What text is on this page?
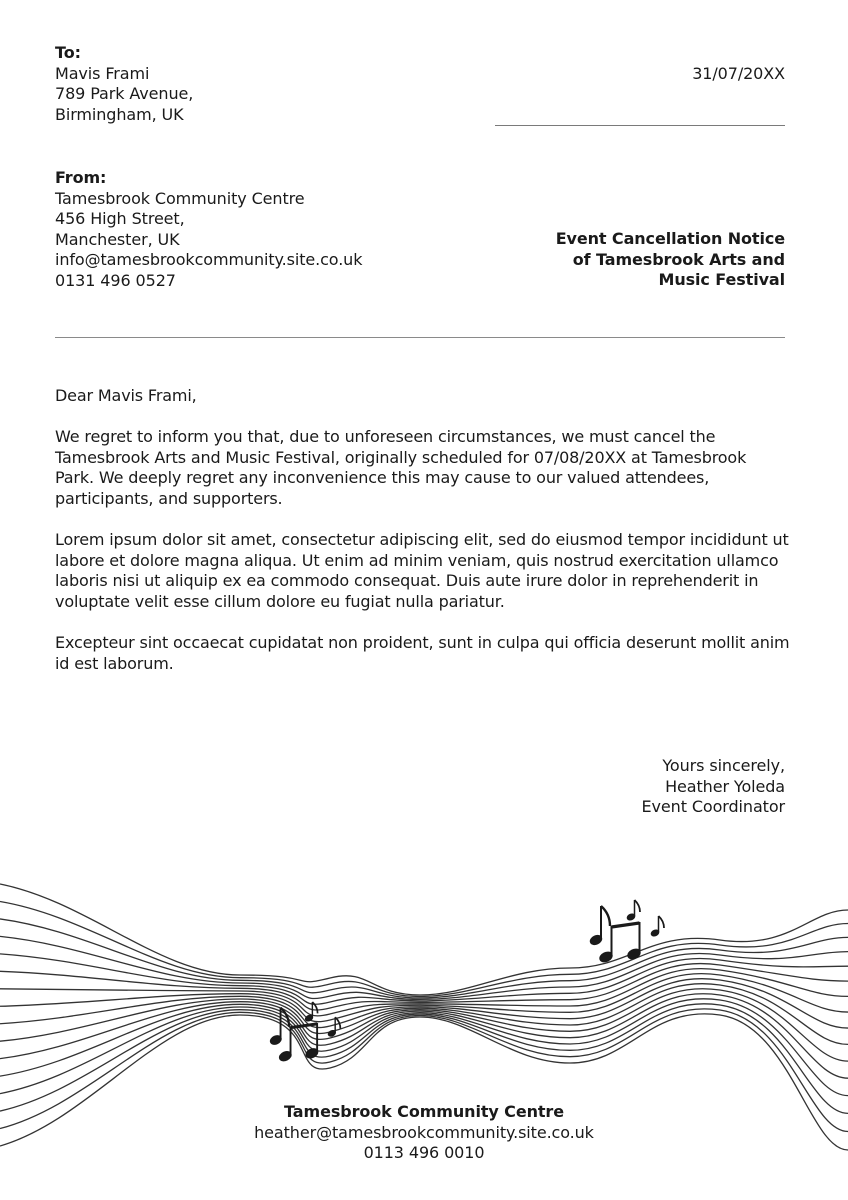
To:
Mavis Frami
789 Park Avenue,
Birmingham, UK
31/07/20XX
From:
Tamesbrook Community Centre
456 High Street,
Manchester, UK
info@tamesbrookcommunity.site.co.uk
0131 496 0527
Event Cancellation Notice
of Tamesbrook Arts and
Music Festival

Dear Mavis Frami,

We regret to inform you that, due to unforeseen circumstances, we must cancel the Tamesbrook Arts and Music Festival, originally scheduled for 07/08/20XX at Tamesbrook Park. We deeply regret any inconvenience this may cause to our valued attendees, participants, and supporters.

Lorem ipsum dolor sit amet, consectetur adipiscing elit, sed do eiusmod tempor incididunt ut labore et dolore magna aliqua. Ut enim ad minim veniam, quis nostrud exercitation ullamco laboris nisi ut aliquip ex ea commodo consequat. Duis aute irure dolor in reprehenderit in voluptate velit esse cillum dolore eu fugiat nulla pariatur.

Excepteur sint occaecat cupidatat non proident, sunt in culpa qui officia deserunt mollit anim id est laborum.

Yours sincerely,
Heather Yoleda
Event Coordinator
Tamesbrook Community Centre
heather@tamesbrookcommunity.site.co.uk
0113 496 0010
